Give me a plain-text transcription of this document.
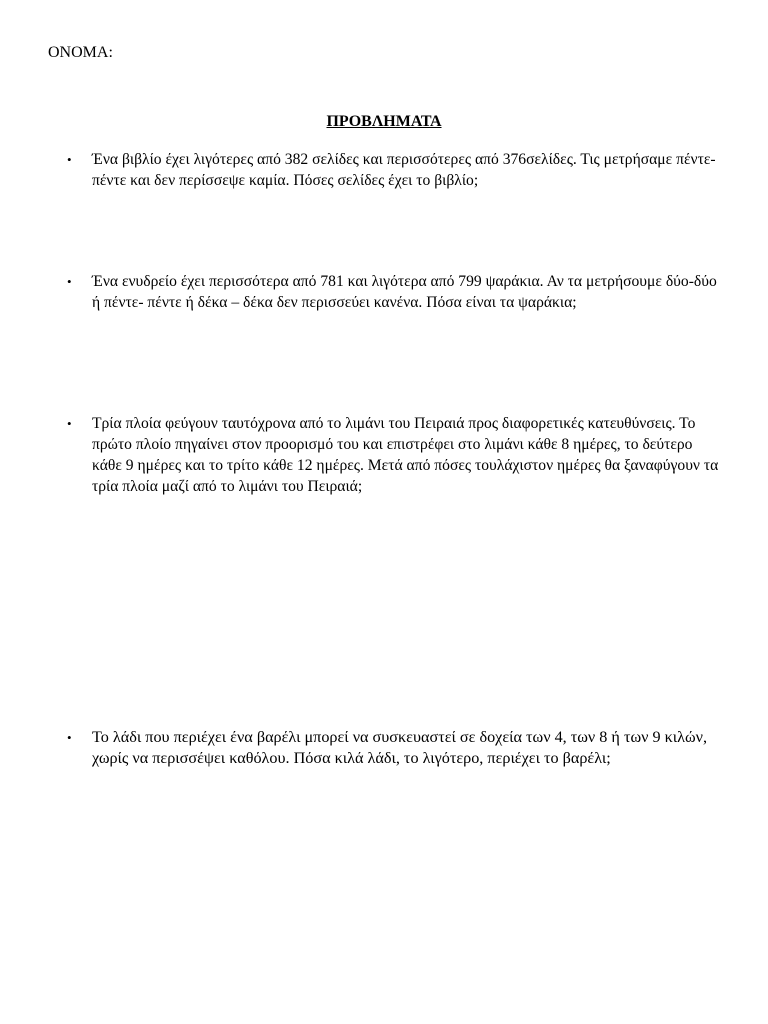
ΟΝΟΜΑ:
ΠΡΟΒΛΗΜΑΤΑ
• Ένα βιβλίο έχει λιγότερες από 382 σελίδες και περισσότερες από 376σελίδες. Τις μετρήσαμε πέντε-πέντε και δεν περίσσεψε καμία. Πόσες σελίδες έχει το βιβλίο;
• Ένα ενυδρείο έχει περισσότερα από 781 και λιγότερα από 799 ψαράκια. Αν τα μετρήσουμε δύο-δύο ή πέντε- πέντε ή δέκα – δέκα δεν περισσεύει κανένα. Πόσα είναι τα ψαράκια;
• Τρία πλοία φεύγουν ταυτόχρονα από το λιμάνι του Πειραιά προς διαφορετικές κατευθύνσεις. Το πρώτο πλοίο πηγαίνει στον προορισμό του και επιστρέφει στο λιμάνι κάθε 8 ημέρες, το δεύτερο κάθε 9 ημέρες και το τρίτο κάθε 12 ημέρες. Μετά από πόσες τουλάχιστον ημέρες θα ξαναφύγουν τα τρία πλοία μαζί από το λιμάνι του Πειραιά;
• Το λάδι που περιέχει ένα βαρέλι μπορεί να συσκευαστεί σε δοχεία των 4, των 8 ή των 9 κιλών, χωρίς να περισσέψει καθόλου. Πόσα κιλά λάδι, το λιγότερο, περιέχει το βαρέλι;
